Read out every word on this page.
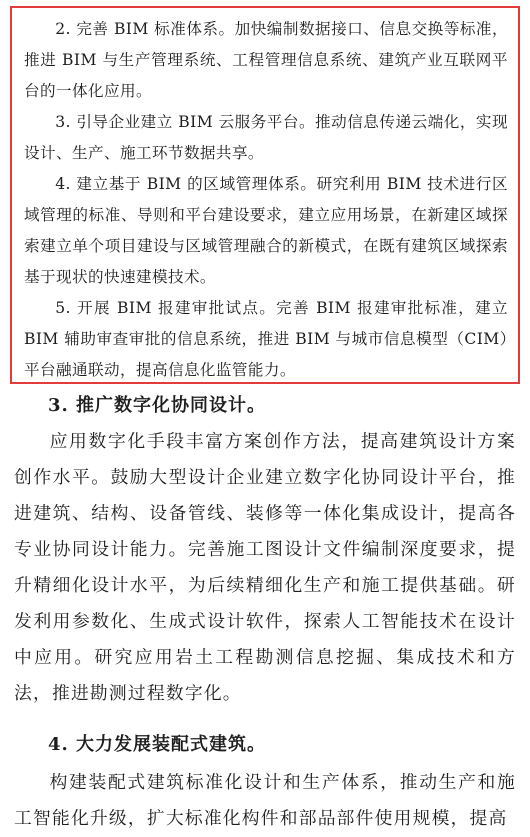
2. 完善 BIM 标准体系。加快编制数据接口、信息交换等标准，推进 BIM 与生产管理系统、工程管理信息系统、建筑产业互联网平台的一体化应用。

3. 引导企业建立 BIM 云服务平台。推动信息传递云端化，实现设计、生产、施工环节数据共享。

4. 建立基于 BIM 的区域管理体系。研究利用 BIM 技术进行区域管理的标准、导则和平台建设要求，建立应用场景，在新建区域探索建立单个项目建设与区域管理融合的新模式，在既有建筑区域探索基于现状的快速建模技术。

5. 开展 BIM 报建审批试点。完善 BIM 报建审批标准，建立 BIM 辅助审查审批的信息系统，推进 BIM 与城市信息模型（CIM）平台融通联动，提高信息化监管能力。

3. 推广数字化协同设计。

应用数字化手段丰富方案创作方法，提高建筑设计方案创作水平。鼓励大型设计企业建立数字化协同设计平台，推进建筑、结构、设备管线、装修等一体化集成设计，提高各专业协同设计能力。完善施工图设计文件编制深度要求，提升精细化设计水平，为后续精细化生产和施工提供基础。研发利用参数化、生成式设计软件，探索人工智能技术在设计中应用。研究应用岩土工程勘测信息挖掘、集成技术和方法，推进勘测过程数字化。

4. 大力发展装配式建筑。

构建装配式建筑标准化设计和生产体系，推动生产和施工智能化升级，扩大标准化构件和部品部件使用规模，提高
